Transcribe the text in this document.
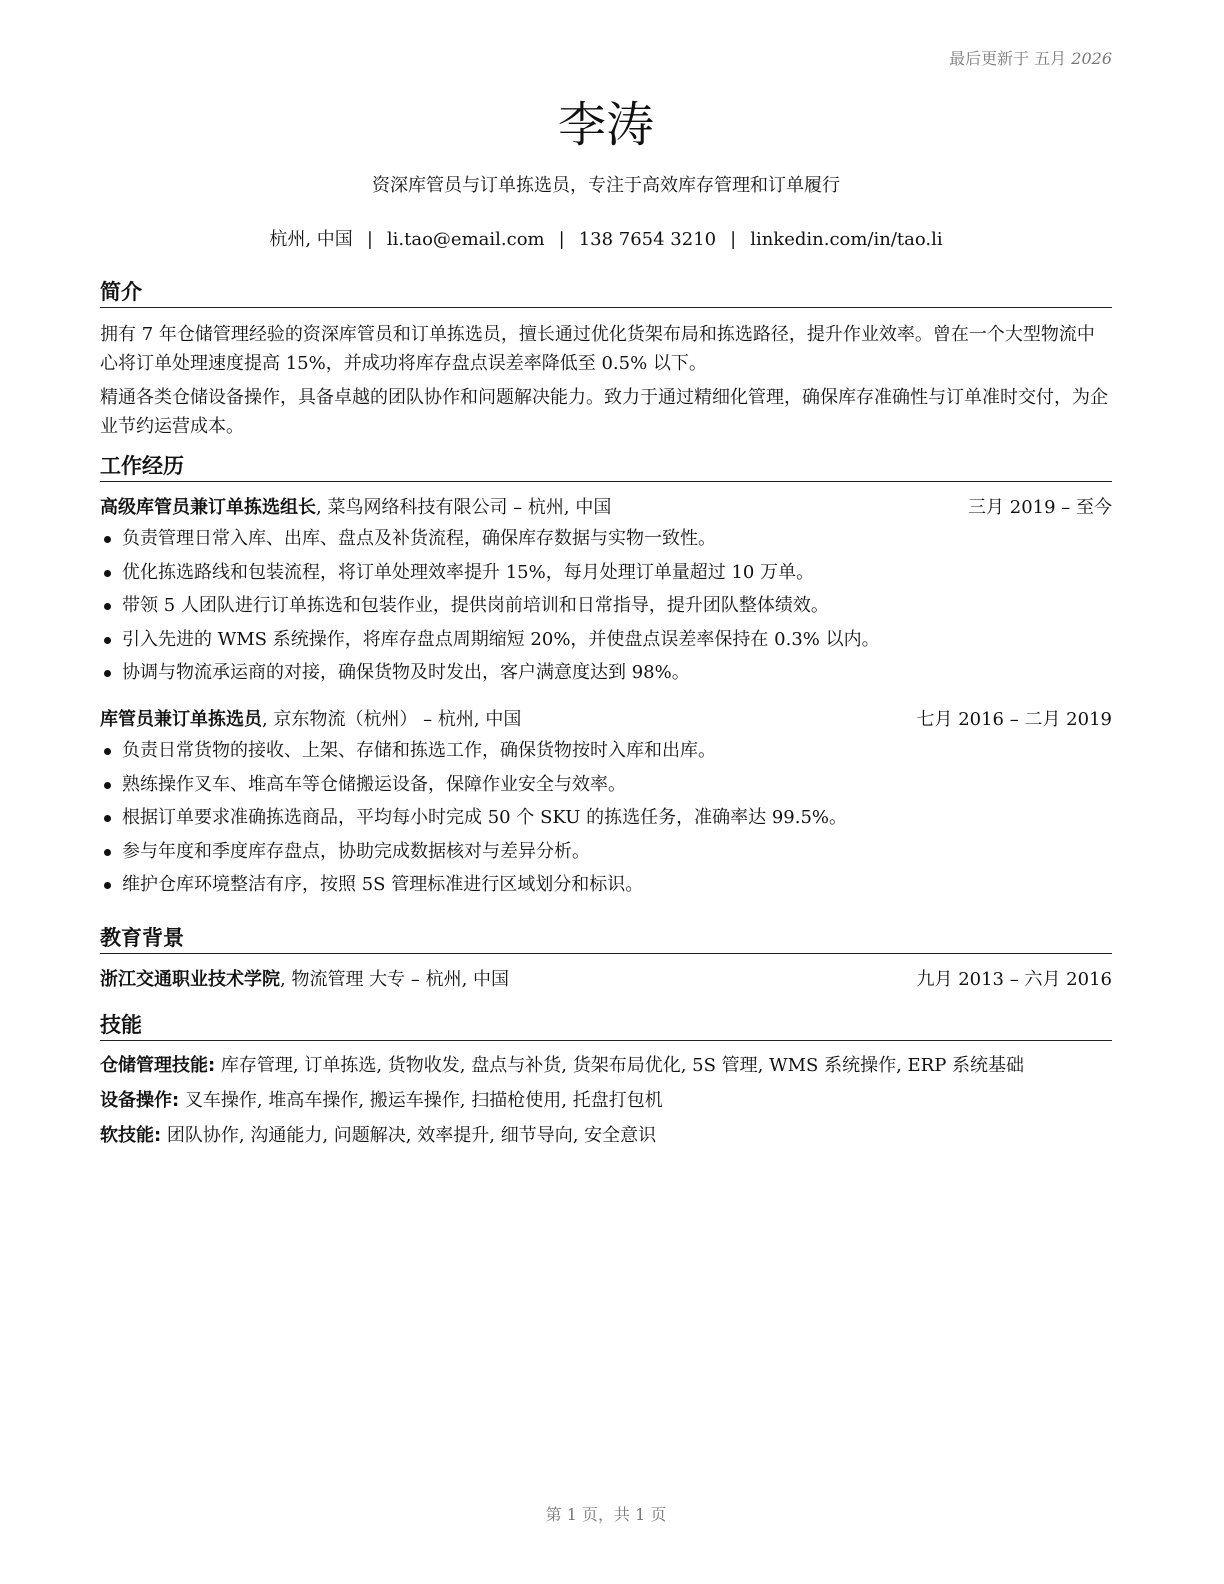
最后更新于 五月 2026
李涛
资深库管员与订单拣选员，专注于高效库存管理和订单履行
杭州, 中国 | li.tao@email.com | 138 7654 3210 | linkedin.com/in/tao.li
简介

拥有 7 年仓储管理经验的资深库管员和订单拣选员，擅长通过优化货架布局和拣选路径，提升作业效率。曾在一个大型物流中心将订单处理速度提高 15%，并成功将库存盘点误差率降低至 0.5% 以下。

精通各类仓储设备操作，具备卓越的团队协作和问题解决能力。致力于通过精细化管理，确保库存准确性与订单准时交付，为企业节约运营成本。

工作经历
高级库管员兼订单拣选组长, 菜鸟网络科技有限公司 – 杭州, 中国	三月 2019 – 至今
负责管理日常入库、出库、盘点及补货流程，确保库存数据与实物一致性。
优化拣选路线和包装流程，将订单处理效率提升 15%，每月处理订单量超过 10 万单。
带领 5 人团队进行订单拣选和包装作业，提供岗前培训和日常指导，提升团队整体绩效。
引入先进的 WMS 系统操作，将库存盘点周期缩短 20%，并使盘点误差率保持在 0.3% 以内。
协调与物流承运商的对接，确保货物及时发出，客户满意度达到 98%。
库管员兼订单拣选员, 京东物流（杭州） – 杭州, 中国	七月 2016 – 二月 2019
负责日常货物的接收、上架、存储和拣选工作，确保货物按时入库和出库。
熟练操作叉车、堆高车等仓储搬运设备，保障作业安全与效率。
根据订单要求准确拣选商品，平均每小时完成 50 个 SKU 的拣选任务，准确率达 99.5%。
参与年度和季度库存盘点，协助完成数据核对与差异分析。
维护仓库环境整洁有序，按照 5S 管理标准进行区域划分和标识。
教育背景
浙江交通职业技术学院, 物流管理 大专 – 杭州, 中国	九月 2013 – 六月 2016
技能
仓储管理技能: 库存管理, 订单拣选, 货物收发, 盘点与补货, 货架布局优化, 5S 管理, WMS 系统操作, ERP 系统基础
设备操作: 叉车操作, 堆高车操作, 搬运车操作, 扫描枪使用, 托盘打包机
软技能: 团队协作, 沟通能力, 问题解决, 效率提升, 细节导向, 安全意识
第 1 页，共 1 页
